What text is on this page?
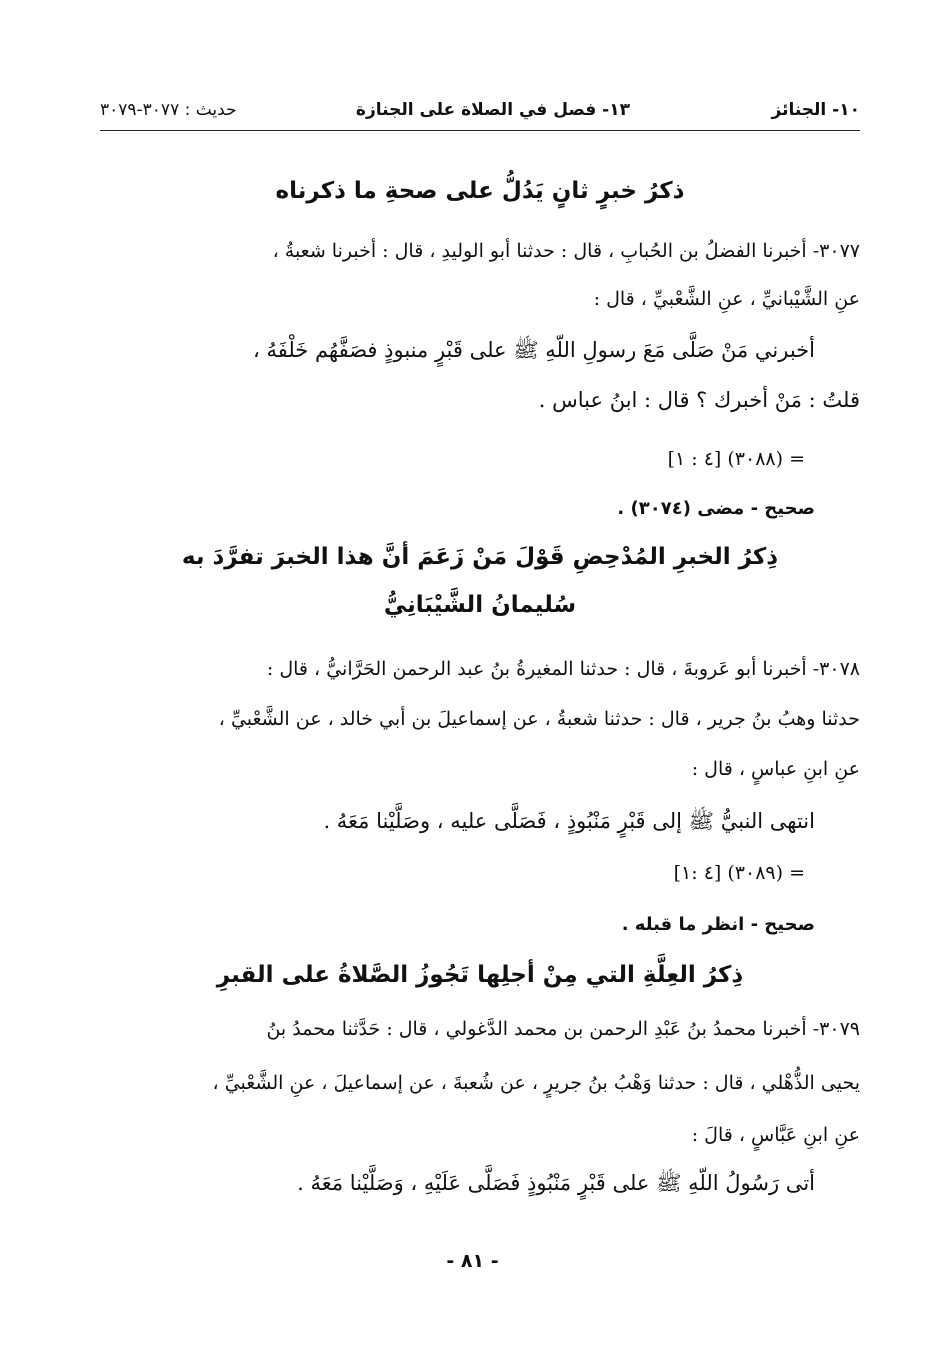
١٠- الجنائز
١٣- فصل في الصلاة على الجنازة
حديث : ٣٠٧٧-٣٠٧٩
ذكرُ خبرٍ ثانٍ يَدُلُّ على صحةِ ما ذكرناه
٣٠٧٧- أخبرنا الفضلُ بن الحُبابِ ، قال : حدثنا أبو الوليدِ ، قال : أخبرنا شعبةُ ،
عنِ الشَّيْبانيِّ ، عنِ الشَّعْبيِّ ، قال :
أخبرني مَنْ صَلَّى مَعَ رسولِ اللّهِ ﷺ على قَبْرٍ منبوذٍ فصَفَّهُم خَلْفَهُ ،
قلتُ : مَنْ أخبرك ؟ قال : ابنُ عباس .
= (٣٠٨٨) [٤ : ١]
صحيح - مضى (٣٠٧٤) .
ذِكرُ الخبرِ المُدْحِضِ قَوْلَ مَنْ زَعَمَ أنَّ هذا الخبرَ تفرَّدَ به
سُليمانُ الشَّيْبَانِيُّ
٣٠٧٨- أخبرنا أبو عَروبةَ ، قال : حدثنا المغيرةُ بنُ عبد الرحمن الحَرَّانيُّ ، قال :
حدثنا وهبُ بنُ جرير ، قال : حدثنا شعبةُ ، عن إسماعيلَ بن أبي خالد ، عن الشَّعْبيِّ ،
عنِ ابنِ عباسٍ ، قال :
انتهى النبيُّ ﷺ إلى قَبْرٍ مَنْبُوذٍ ، فَصَلَّى عليه ، وصَلَّيْنا مَعَهُ .
= (٣٠٨٩) [٤ :١]
صحيح - انظر ما قبله .
ذِكرُ العِلَّةِ التي مِنْ أجلِها تَجُوزُ الصَّلاةُ على القبرِ
٣٠٧٩- أخبرنا محمدُ بنُ عَبْدِ الرحمن بن محمد الدَّغولي ، قال : حَدَّثنا محمدُ بنُ
يحيى الذُّهْلي ، قال : حدثنا وَهْبُ بنُ جريرٍ ، عن شُعبةَ ، عن إسماعيلَ ، عنِ الشَّعْبيِّ ،
عنِ ابنِ عَبَّاسٍ ، قالَ :
أتى رَسُولُ اللّهِ ﷺ على قَبْرٍ مَنْبُوذٍ فَصَلَّى عَلَيْهِ ، وَصَلَّيْنا مَعَهُ .
- ٨١ -
